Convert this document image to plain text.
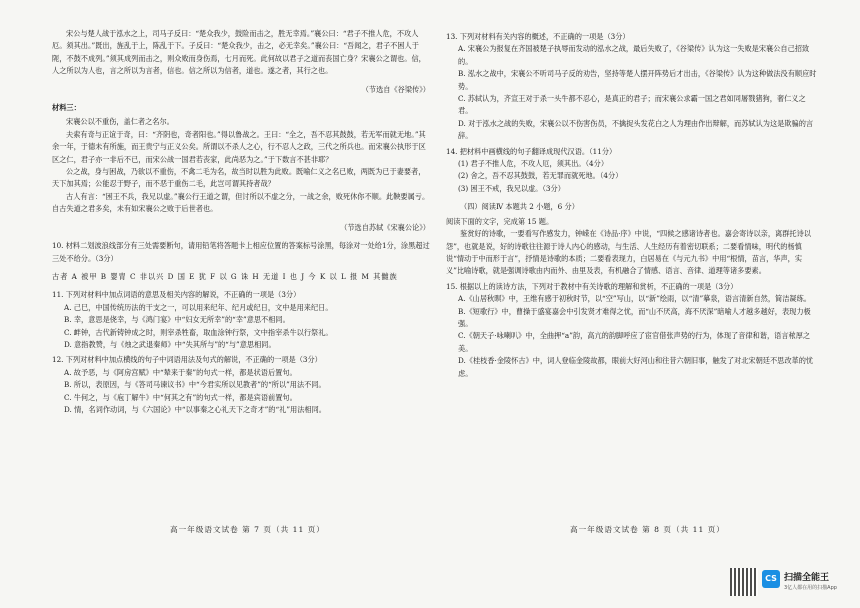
宋公与楚人战于泓水之上，司马子反曰：“楚众我少，鼓险而击之，胜无幸焉。”襄公曰：“君子不推人危，不攻人厄。须其出。”既出，旌乱于上，陈乱于下。子反曰：“楚众我少，击之，必无幸矣。”襄公曰：“吾闻之，君子不困人于阨，不鼓不成列。”须其成列而击之，则众败而身伤焉，七月而死。此何故以君子之道而丧国亡身？宋襄公之谓也。信，人之所以为人也，言之所以为言者，信也。信之所以为信者，道也。遂之者，其行之也。

（节选自《谷梁传》）

材料三：

宋襄公以不重伤，盖仁者之名尔。

夫索有奇与正谊于奇，曰：“齐阴也，奇者阳也。”得以鲁战之。王曰：“全之，吾不忍其鼓鼓，若无军而就无地。”其余一年，于德未有所施，而王贵宁与正义公矣。所谓以不杀人之心，行不忍人之政，三代之所兵也。而宋襄公执形于区区之仁，君子亦一非后不已，而宋公战一国君若丧家，此尚恶为之。”于下数言不甚非耶？

公之战，身与困战，乃欲以不重伤，不禽二毛为名，故当时以胜为此败。既喻仁义之名已败，两既为已于妻要者，天下加其焉；公能忍于野子，而不恶于重伤二毛，此岂可谓其持者哉？

古人有言：“困王不兵，我兄以虚。”襄公行王道之谓，但讨所以不虚之分，一战之余，败死休你不顺。此鞅要属亏。自古失道之君多矣，未有如宋襄公之败于后世者也。

（节选自苏轼《宋襄公论》）

10. 材料二划波浪线部分有三处需要断句，请用铅笔将答题卡上相应位置的答案标号涂黑，每涂对一处给1分，涂黑超过三处不给分。（3分）

古者 A 被甲 B 婴胄 C 非以兴 D 国 E 犹 F 以 G 诛 H 无道 I 也 J 今 K 以 L 报 M 其雠族

11. 下列对材料中加点词语的意思及相关内容的解说，不正确的一项是（3分）

A. 己巳，中国传统历法的干支之一，可以用来纪年、纪月或纪日，文中是用来纪日。

B. 幸，意思是侥幸，与《鸿门宴》中“妇女无所幸”的“幸”意思不相同。

C. 衅钟，古代新铸钟成之时，则宰杀牲畜，取血涂钟行祭，文中指宰杀牛以行祭礼。

D. 意指教赞，与《烛之武退秦师》中“失其所与”的“与”意思相同。

12. 下列对材料中加点横线的句子中词语用法及句式的解说，不正确的一项是（3分）

A. 故予恶，与《阿房宫赋》中“辇来于秦”的句式一样，都是状语后置句。

B. 所以，表原因，与《答司马谏议书》中“今君实所以见教者”的“所以”用法不同。

C. 牛何之，与《庖丁解牛》中“何其之有”的句式一样，都是宾语前置句。

D. 情，名词作动词，与《六国论》中“以事秦之心礼天下之奇才”的“礼”用法相同。

高一年级语文试卷 第 7 页（共 11 页）

13. 下列对材料有关内容的概述，不正确的一项是（3分）

A. 宋襄公为报复在齐国被楚子执辱而发动的泓水之战，最后失败了，《谷梁传》认为这一失败是宋襄公自己招致的。

B. 泓水之战中，宋襄公不听司马子反的劝告，坚持等楚人摆开阵势后才出击，《谷梁传》认为这种做法没有顺应时势。

C. 苏轼认为，齐宣王对于杀一头牛都不忍心，是真正的君子；而宋襄公求霸一国之君如同屠戮猪狗，奢仁义之君。

D. 对于泓水之战的失败，宋襄公以不伤害伤员，不擒捉头发花白之人为理由作出辩解，而苏轼认为这是欺骗的言辞。

14. 把材料中画横线的句子翻译成现代汉语。（11分）

(1) 君子不推人危，不攻人厄，须其出。（4分）

(2) 舍之，吾不忍其鼓鼓，若无罪而就死地。（4分）

(3) 困王不戒，我兄以虚。（3分）

（四）阅读Ⅳ 本题共 2 小题，6 分）

阅读下面的文字，完成第 15 题。

鉴赏好的诗歌，一要看写作感发力，钟嵘在《诗品·序》中说，“四候之感诸诗者也。嘉会寄诗以亲，离群托诗以怨”，也就是说，好的诗歌往往源于诗人内心的感动，与生活、人生经历有着密切联系；二要看情味，明代的杨慎说“情动于中而形于言”，抒情是诗歌的本质；二要看表现力，白居易在《与元九书》中用“根情，苗言，华声，实义”比喻诗歌，就是强调诗歌由内而外、由里及表，有机融合了情感、语言、音律、道理等诸多要素。

15. 根据以上的读诗方法，下列对于教材中有关诗歌的理解和赏析，不正确的一项是（3分）

A.《山居秋暝》中，王维有感于初秋时节，以“空”写山，以“新”绘雨，以“清”摹泉，语言清新自然，简洁凝练。

B.《短歌行》中，曹操于盛宴嘉会中引发贤才难得之忧，而“山不厌高，海不厌深”暗喻人才越多越好，表现力极强。

C.《朝天子·咏喇叭》中，全曲押“a”韵，高亢的韵脚呼应了宦官借张声势的行为，体现了音律和谐，语言秾厚之美。

D.《桂枝香·金陵怀古》中，词人登临金陵故都，眼前大好河山和往昔六朝旧事，触发了对北宋朝廷不思改革的忧虑。

高一年级语文试卷 第 8 页（共 11 页）
CS 扫描全能王
3亿人都在用的扫描App
